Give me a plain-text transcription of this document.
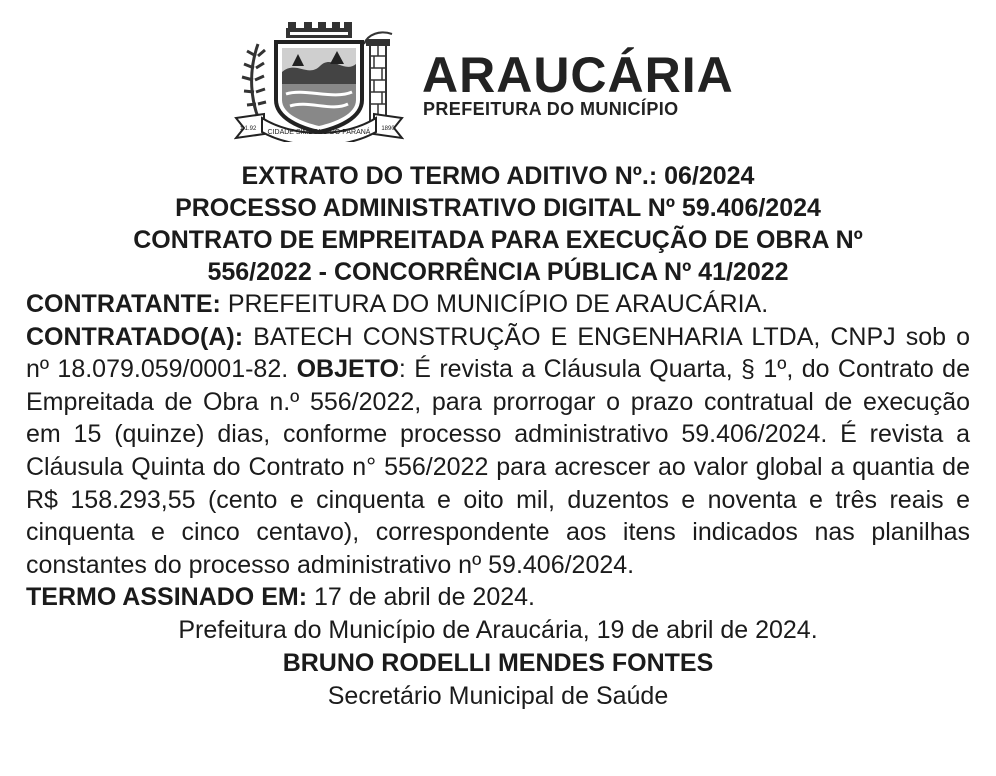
CIDADE SÍMBOLO DO PARANÁ
1.1.92	1890
ARAUCÁRIA
PREFEITURA DO MUNICÍPIO

EXTRATO DO TERMO ADITIVO Nº.: 06/2024

PROCESSO ADMINISTRATIVO DIGITAL Nº 59.406/2024

CONTRATO DE EMPREITADA PARA EXECUÇÃO DE OBRA Nº

556/2022 - CONCORRÊNCIA PÚBLICA Nº 41/2022

CONTRATANTE: PREFEITURA DO MUNICÍPIO DE ARAUCÁRIA.

CONTRATADO(A): BATECH CONSTRUÇÃO E ENGENHARIA LTDA, CNPJ sob o nº 18.079.059/0001-82. OBJETO: É revista a Cláusula Quarta, § 1º, do Contrato de Empreitada de Obra n.º 556/2022, para prorrogar o prazo contratual de execução em 15 (quinze) dias, conforme processo administrativo 59.406/2024. É revista a Cláusula Quinta do Contrato n° 556/2022 para acrescer ao valor global a quantia de R$ 158.293,55 (cento e cinquenta e oito mil, duzentos e noventa e três reais e cinquenta e cinco centavo), correspondente aos itens indicados nas planilhas constantes do processo administrativo nº 59.406/2024.

TERMO ASSINADO EM: 17 de abril de 2024.

Prefeitura do Município de Araucária, 19 de abril de 2024.

BRUNO RODELLI MENDES FONTES

Secretário Municipal de Saúde
